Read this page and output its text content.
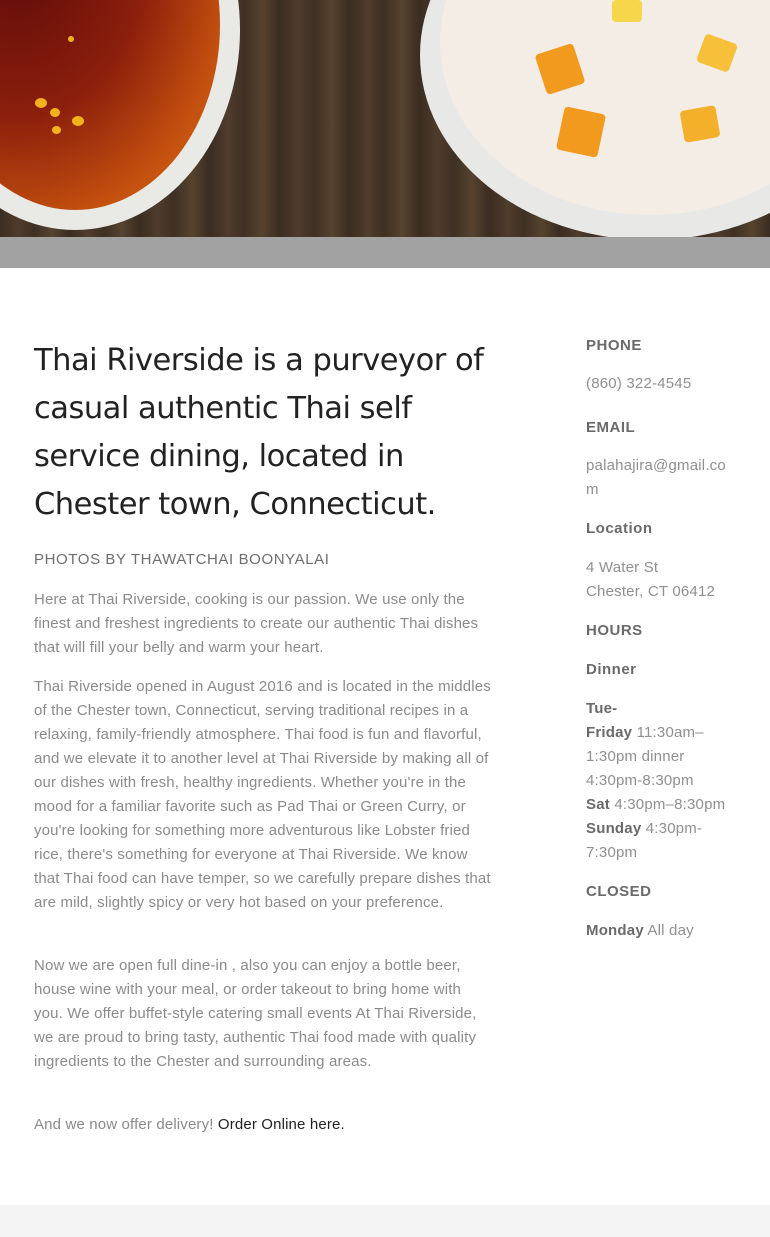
Thai Riverside is a purveyor of casual authentic Thai self service dining, located in Chester town, Connecticut.

PHOTOS BY THAWATCHAI BOONYALAI

Here at Thai Riverside, cooking is our passion. We use only the finest and freshest ingredients to create our authentic Thai dishes that will fill your belly and warm your heart.

Thai Riverside opened in August 2016 and is located in the middles of the Chester town, Connecticut, serving traditional recipes in a relaxing, family-friendly atmosphere. Thai food is fun and flavorful, and we elevate it to another level at Thai Riverside by making all of our dishes with fresh, healthy ingredients. Whether you're in the mood for a familiar favorite such as Pad Thai or Green Curry, or you're looking for something more adventurous like Lobster fried rice, there's something for everyone at Thai Riverside. We know that Thai food can have temper, so we carefully prepare dishes that are mild, slightly spicy or very hot based on your preference.

Now we are open full dine-in , also you can enjoy a bottle beer, house wine with your meal, or order takeout to bring home with you. We offer buffet-style catering small events At Thai Riverside, we are proud to bring tasty, authentic Thai food made with quality ingredients to the Chester and surrounding areas.

And we now offer delivery! Order Online here.

PHONE

(860) 322-4545

EMAIL

palahajira@gmail.co
m

Location

4 Water St
Chester, CT 06412

HOURS

Dinner

Tue-
Friday 11:30am–
1:30pm dinner
4:30pm-8:30pm
Sat 4:30pm–8:30pm
Sunday 4:30pm-
7:30pm

CLOSED

Monday All day
